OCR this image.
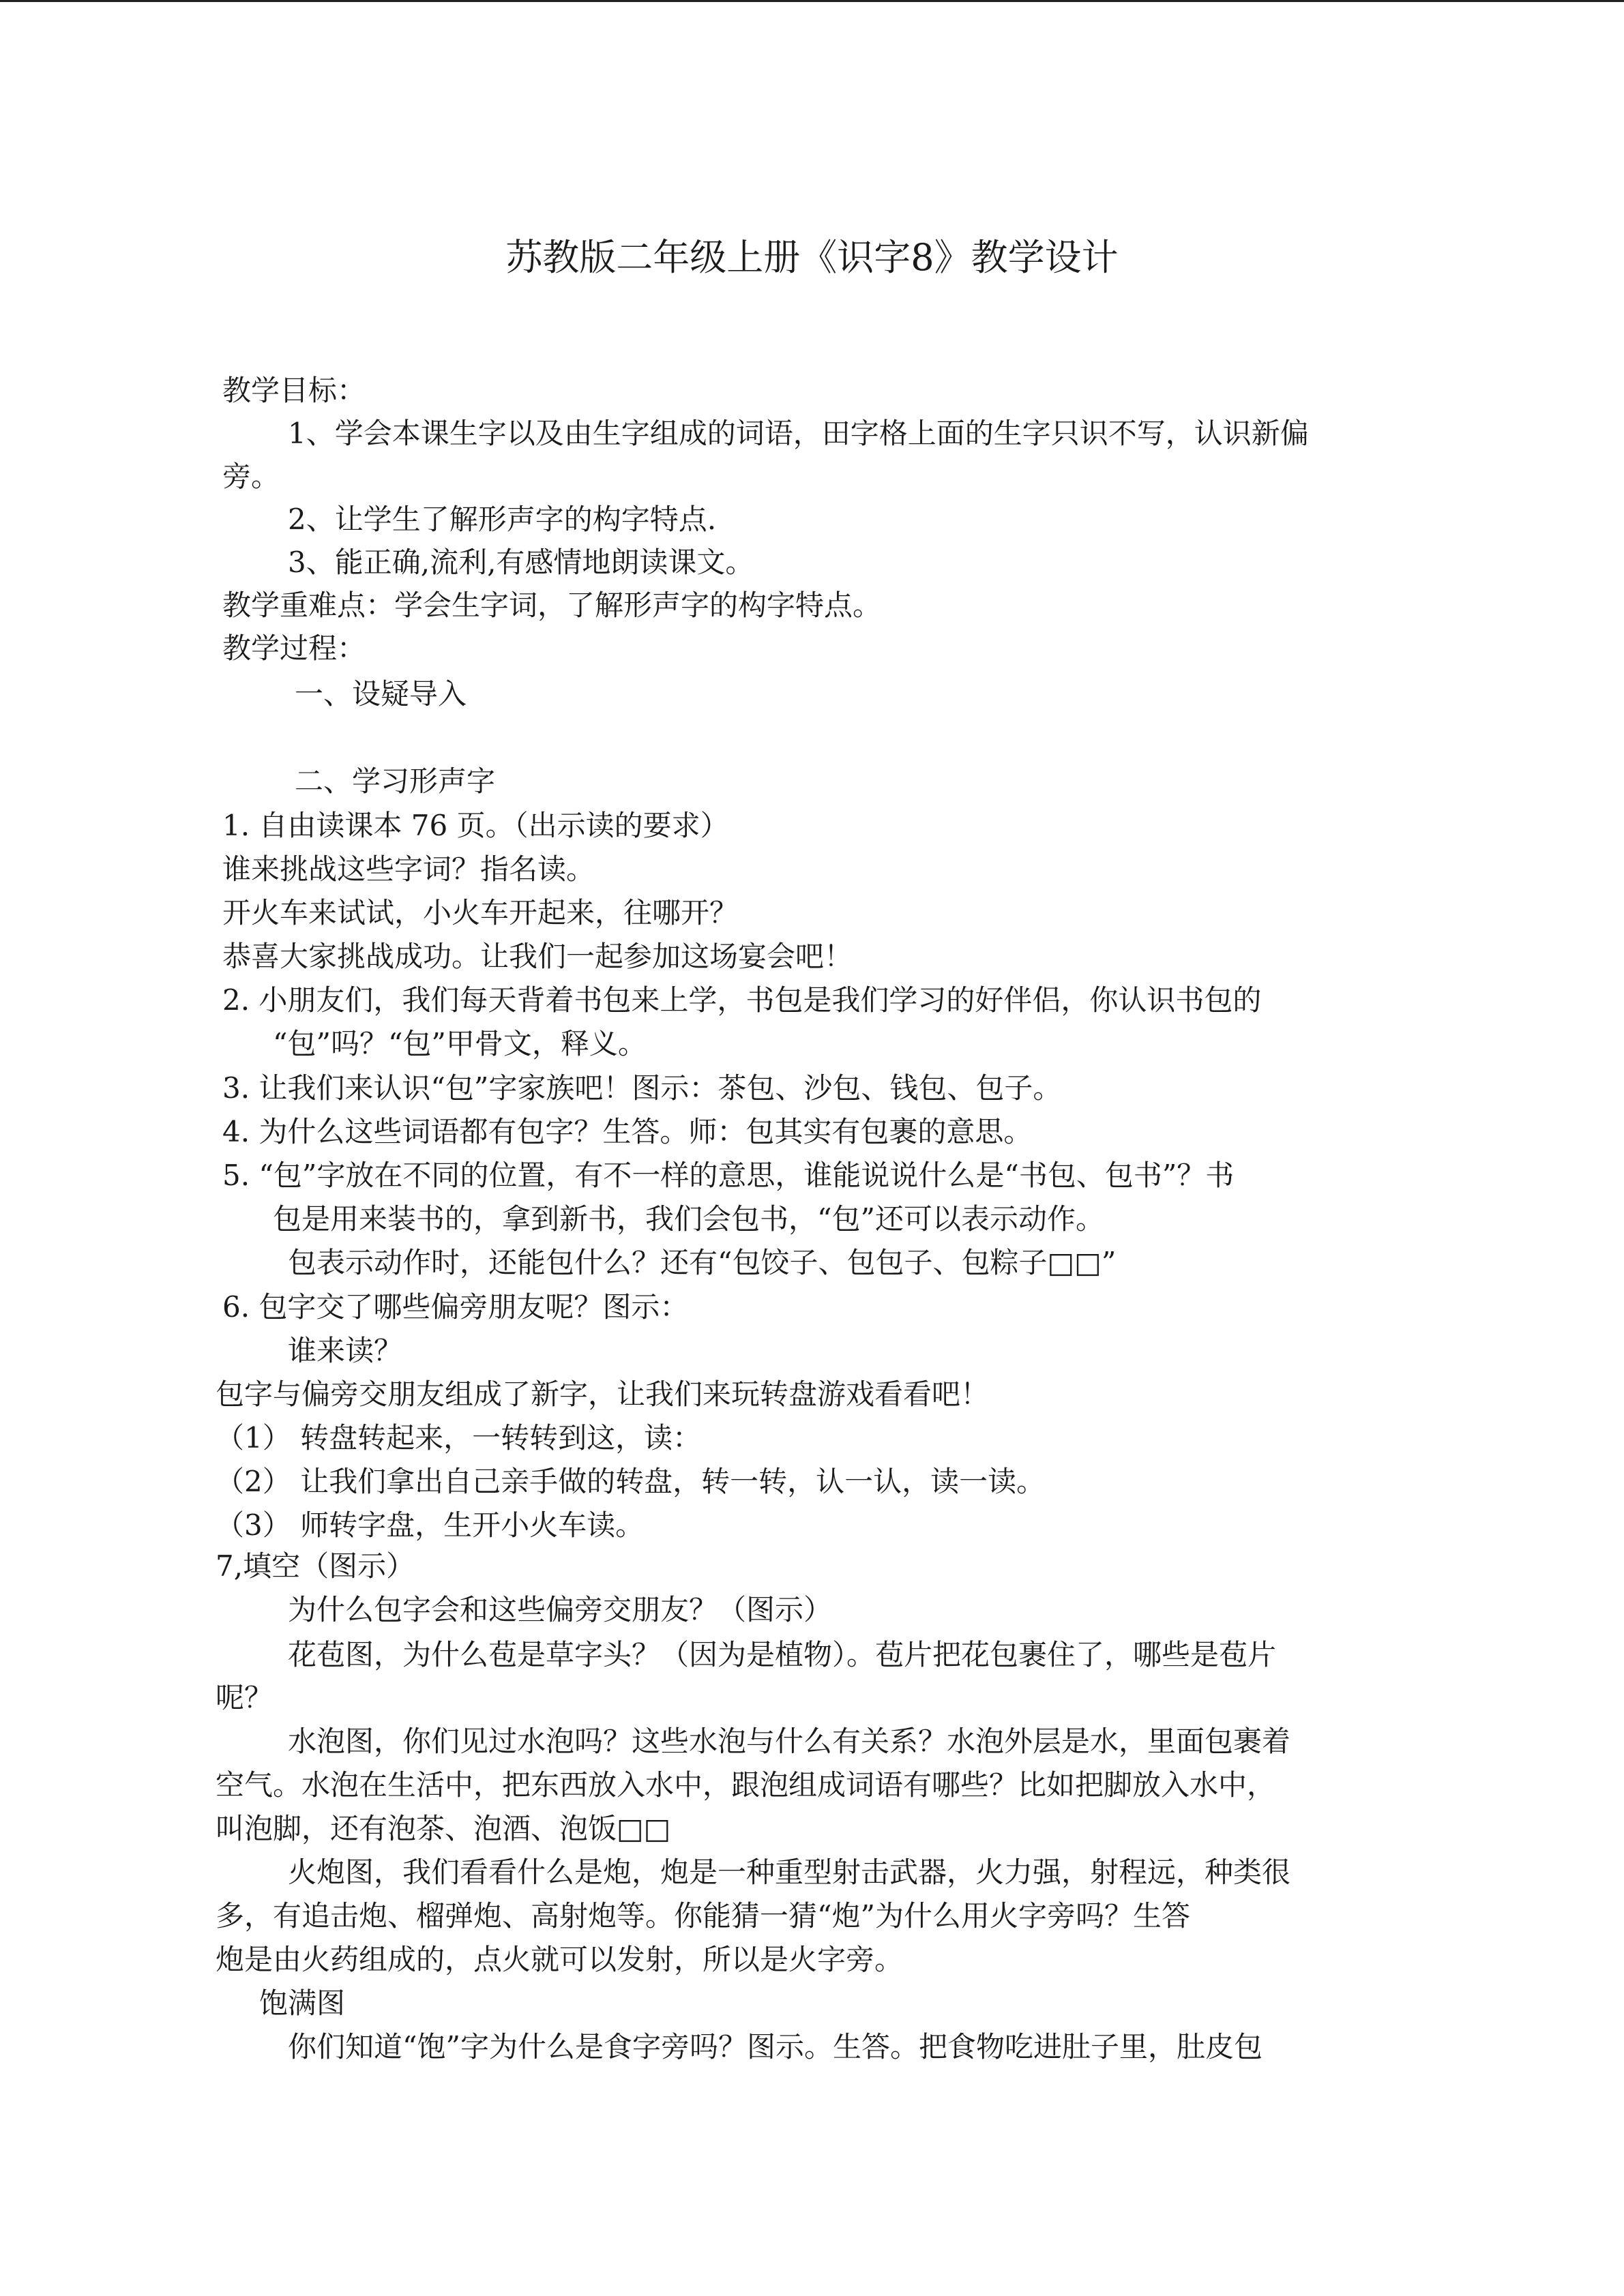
苏教版二年级上册《识字8》教学设计
教学目标：
1、学会本课生字以及由生字组成的词语，田字格上面的生字只识不写，认识新偏
旁。
2、让学生了解形声字的构字特点.
3、能正确,流利,有感情地朗读课文。
教学重难点：学会生字词，了解形声字的构字特点。
教学过程：
一、设疑导入
二、学习形声字
1. 自由读课本 76 页。（出示读的要求）
谁来挑战这些字词？指名读。
开火车来试试，小火车开起来，往哪开？
恭喜大家挑战成功。让我们一起参加这场宴会吧！
2. 小朋友们，我们每天背着书包来上学，书包是我们学习的好伴侣，你认识书包的
“包”吗？“包”甲骨文，释义。
3. 让我们来认识“包”字家族吧！图示：茶包、沙包、钱包、包子。
4. 为什么这些词语都有包字？生答。师：包其实有包裹的意思。
5. “包”字放在不同的位置，有不一样的意思，谁能说说什么是“书包、包书”？书
包是用来装书的，拿到新书，我们会包书，“包”还可以表示动作。
包表示动作时，还能包什么？还有“包饺子、包包子、包粽子□□”
6. 包字交了哪些偏旁朋友呢？图示：
谁来读？
包字与偏旁交朋友组成了新字，让我们来玩转盘游戏看看吧！
（1） 转盘转起来，一转转到这，读：
（2） 让我们拿出自己亲手做的转盘，转一转，认一认，读一读。
（3） 师转字盘，生开小火车读。
7,填空（图示）
为什么包字会和这些偏旁交朋友？（图示）
花苞图，为什么苞是草字头？（因为是植物）。苞片把花包裹住了，哪些是苞片
呢？
水泡图，你们见过水泡吗？这些水泡与什么有关系？水泡外层是水，里面包裹着
空气。水泡在生活中，把东西放入水中，跟泡组成词语有哪些？比如把脚放入水中，
叫泡脚，还有泡茶、泡酒、泡饭□□
火炮图，我们看看什么是炮，炮是一种重型射击武器，火力强，射程远，种类很
多，有追击炮、榴弹炮、高射炮等。你能猜一猜“炮”为什么用火字旁吗？生答
炮是由火药组成的，点火就可以发射，所以是火字旁。
饱满图
你们知道“饱”字为什么是食字旁吗？图示。生答。把食物吃进肚子里，肚皮包
